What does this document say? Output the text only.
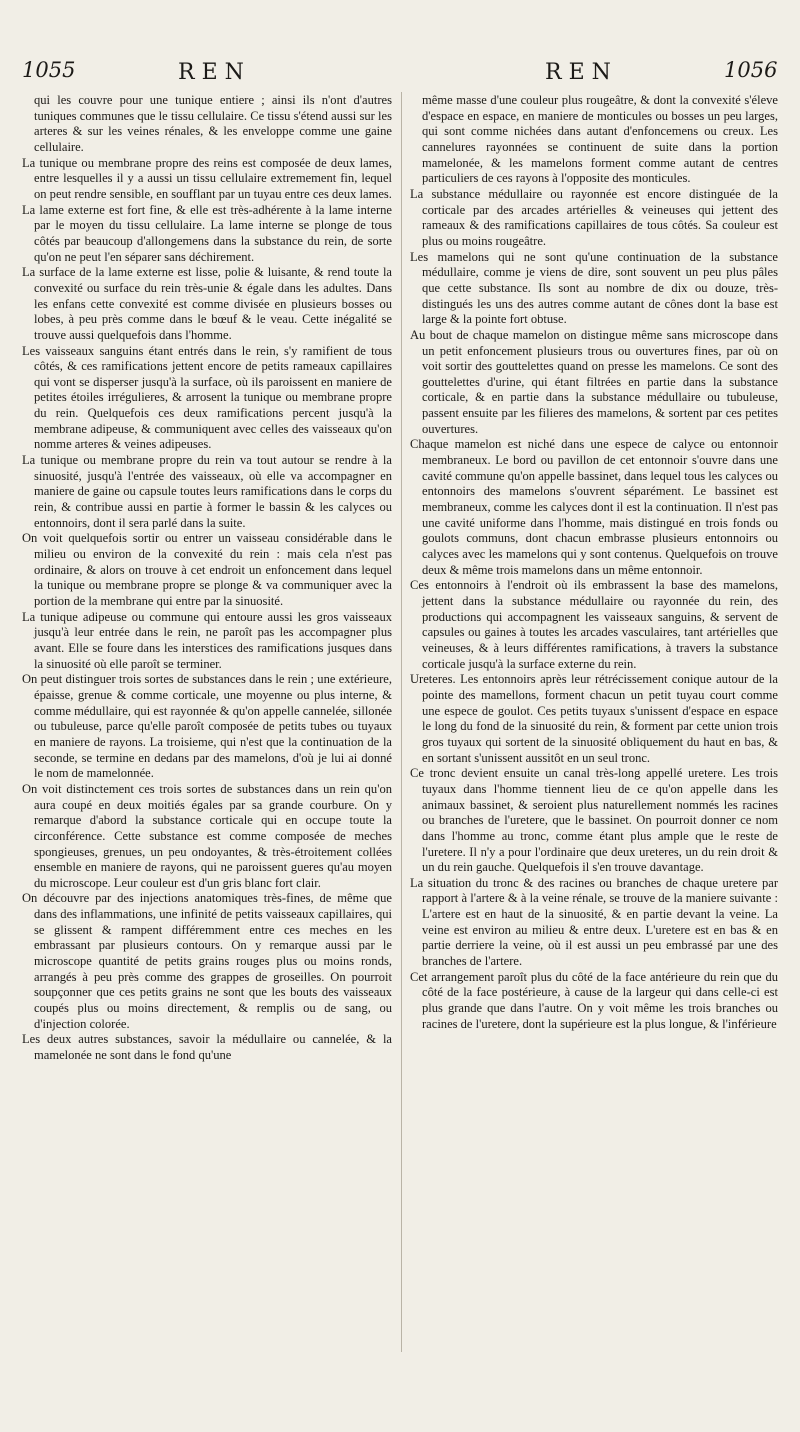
1055	REN	REN	1056

qui les couvre pour une tunique entiere ; ainsi ils n'ont d'autres tuniques communes que le tissu cellulaire. Ce tissu s'étend aussi sur les arteres & sur les veines rénales, & les enveloppe comme une gaine cellulaire.

La tunique ou membrane propre des reins est composée de deux lames, entre lesquelles il y a aussi un tissu cellulaire extremement fin, lequel on peut rendre sensible, en soufflant par un tuyau entre ces deux lames.

La lame externe est fort fine, & elle est très-adhérente à la lame interne par le moyen du tissu cellulaire. La lame interne se plonge de tous côtés par beaucoup d'allongemens dans la substance du rein, de sorte qu'on ne peut l'en séparer sans déchirement.

La surface de la lame externe est lisse, polie & luisante, & rend toute la convexité ou surface du rein très-unie & égale dans les adultes. Dans les enfans cette convexité est comme divisée en plusieurs bosses ou lobes, à peu près comme dans le bœuf & le veau. Cette inégalité se trouve aussi quelquefois dans l'homme.

Les vaisseaux sanguins étant entrés dans le rein, s'y ramifient de tous côtés, & ces ramifications jettent encore de petits rameaux capillaires qui vont se disperser jusqu'à la surface, où ils paroissent en maniere de petites étoiles irrégulieres, & arrosent la tunique ou membrane propre du rein. Quelquefois ces deux ramifications percent jusqu'à la membrane adipeuse, & communiquent avec celles des vaisseaux qu'on nomme arteres & veines adipeuses.

La tunique ou membrane propre du rein va tout autour se rendre à la sinuosité, jusqu'à l'entrée des vaisseaux, où elle va accompagner en maniere de gaine ou capsule toutes leurs ramifications dans le corps du rein, & contribue aussi en partie à former le bassin & les calyces ou entonnoirs, dont il sera parlé dans la suite.

On voit quelquefois sortir ou entrer un vaisseau considérable dans le milieu ou environ de la convexité du rein : mais cela n'est pas ordinaire, & alors on trouve à cet endroit un enfoncement dans lequel la tunique ou membrane propre se plonge & va communiquer avec la portion de la membrane qui entre par la sinuosité.

La tunique adipeuse ou commune qui entoure aussi les gros vaisseaux jusqu'à leur entrée dans le rein, ne paroît pas les accompagner plus avant. Elle se foure dans les interstices des ramifications jusques dans la sinuosité où elle paroît se terminer.

On peut distinguer trois sortes de substances dans le rein ; une extérieure, épaisse, grenue & comme corticale, une moyenne ou plus interne, & comme médullaire, qui est rayonnée & qu'on appelle cannelée, sillonée ou tubuleuse, parce qu'elle paroît composée de petits tubes ou tuyaux en maniere de rayons. La troisieme, qui n'est que la continuation de la seconde, se termine en dedans par des mamelons, d'où je lui ai donné le nom de mamelonnée.

On voit distinctement ces trois sortes de substances dans un rein qu'on aura coupé en deux moitiés égales par sa grande courbure. On y remarque d'abord la substance corticale qui en occupe toute la circonférence. Cette substance est comme composée de meches spongieuses, grenues, un peu ondoyantes, & très-étroitement collées ensemble en maniere de rayons, qui ne paroissent gueres qu'au moyen du microscope. Leur couleur est d'un gris blanc fort clair.

On découvre par des injections anatomiques très-fines, de même que dans des inflammations, une infinité de petits vaisseaux capillaires, qui se glissent & rampent différemment entre ces meches en les embrassant par plusieurs contours. On y remarque aussi par le microscope quantité de petits grains rouges plus ou moins ronds, arrangés à peu près comme des grappes de groseilles. On pourroit soupçonner que ces petits grains ne sont que les bouts des vaisseaux coupés plus ou moins directement, & remplis ou de sang, ou d'injection colorée.

Les deux autres substances, savoir la médullaire ou cannelée, & la mamelonée ne sont dans le fond qu'une

même masse d'une couleur plus rougeâtre, & dont la convexité s'éleve d'espace en espace, en maniere de monticules ou bosses un peu larges, qui sont comme nichées dans autant d'enfoncemens ou creux. Les cannelures rayonnées se continuent de suite dans la portion mamelonée, & les mamelons forment comme autant de centres particuliers de ces rayons à l'opposite des monticules.

La substance médullaire ou rayonnée est encore distinguée de la corticale par des arcades artérielles & veineuses qui jettent des rameaux & des ramifications capillaires de tous côtés. Sa couleur est plus ou moins rougeâtre.

Les mamelons qui ne sont qu'une continuation de la substance médullaire, comme je viens de dire, sont souvent un peu plus pâles que cette substance. Ils sont au nombre de dix ou douze, très-distingués les uns des autres comme autant de cônes dont la base est large & la pointe fort obtuse.

Au bout de chaque mamelon on distingue même sans microscope dans un petit enfoncement plusieurs trous ou ouvertures fines, par où on voit sortir des gouttelettes quand on presse les mamelons. Ce sont des gouttelettes d'urine, qui étant filtrées en partie dans la substance corticale, & en partie dans la substance médullaire ou tubuleuse, passent ensuite par les filieres des mamelons, & sortent par ces petites ouvertures.

Chaque mamelon est niché dans une espece de calyce ou entonnoir membraneux. Le bord ou pavillon de cet entonnoir s'ouvre dans une cavité commune qu'on appelle bassinet, dans lequel tous les calyces ou entonnoirs des mamelons s'ouvrent séparément. Le bassinet est membraneux, comme les calyces dont il est la continuation. Il n'est pas une cavité uniforme dans l'homme, mais distingué en trois fonds ou goulots communs, dont chacun embrasse plusieurs entonnoirs ou calyces avec les mamelons qui y sont contenus. Quelquefois on trouve deux & même trois mamelons dans un même entonnoir.

Ces entonnoirs à l'endroit où ils embrassent la base des mamelons, jettent dans la substance médullaire ou rayonnée du rein, des productions qui accompagnent les vaisseaux sanguins, & servent de capsules ou gaines à toutes les arcades vasculaires, tant artérielles que veineuses, & à leurs différentes ramifications, à travers la substance corticale jusqu'à la surface externe du rein.

Ureteres. Les entonnoirs après leur rétrécissement conique autour de la pointe des mamellons, forment chacun un petit tuyau court comme une espece de goulot. Ces petits tuyaux s'unissent d'espace en espace le long du fond de la sinuosité du rein, & forment par cette union trois gros tuyaux qui sortent de la sinuosité obliquement du haut en bas, & en sortant s'unissent aussitôt en un seul tronc.

Ce tronc devient ensuite un canal très-long appellé uretere. Les trois tuyaux dans l'homme tiennent lieu de ce qu'on appelle dans les animaux bassinet, & seroient plus naturellement nommés les racines ou branches de l'uretere, que le bassinet. On pourroit donner ce nom dans l'homme au tronc, comme étant plus ample que le reste de l'uretere. Il n'y a pour l'ordinaire que deux ureteres, un du rein droit & un du rein gauche. Quelquefois il s'en trouve davantage.

La situation du tronc & des racines ou branches de chaque uretere par rapport à l'artere & à la veine rénale, se trouve de la maniere suivante : L'artere est en haut de la sinuosité, & en partie devant la veine. La veine est environ au milieu & entre deux. L'uretere est en bas & en partie derriere la veine, où il est aussi un peu embrassé par une des branches de l'artere.

Cet arrangement paroît plus du côté de la face antérieure du rein que du côté de la face postérieure, à cause de la largeur qui dans celle-ci est plus grande que dans l'autre. On y voit même les trois branches ou racines de l'uretere, dont la supérieure est la plus longue, & l'inférieure
